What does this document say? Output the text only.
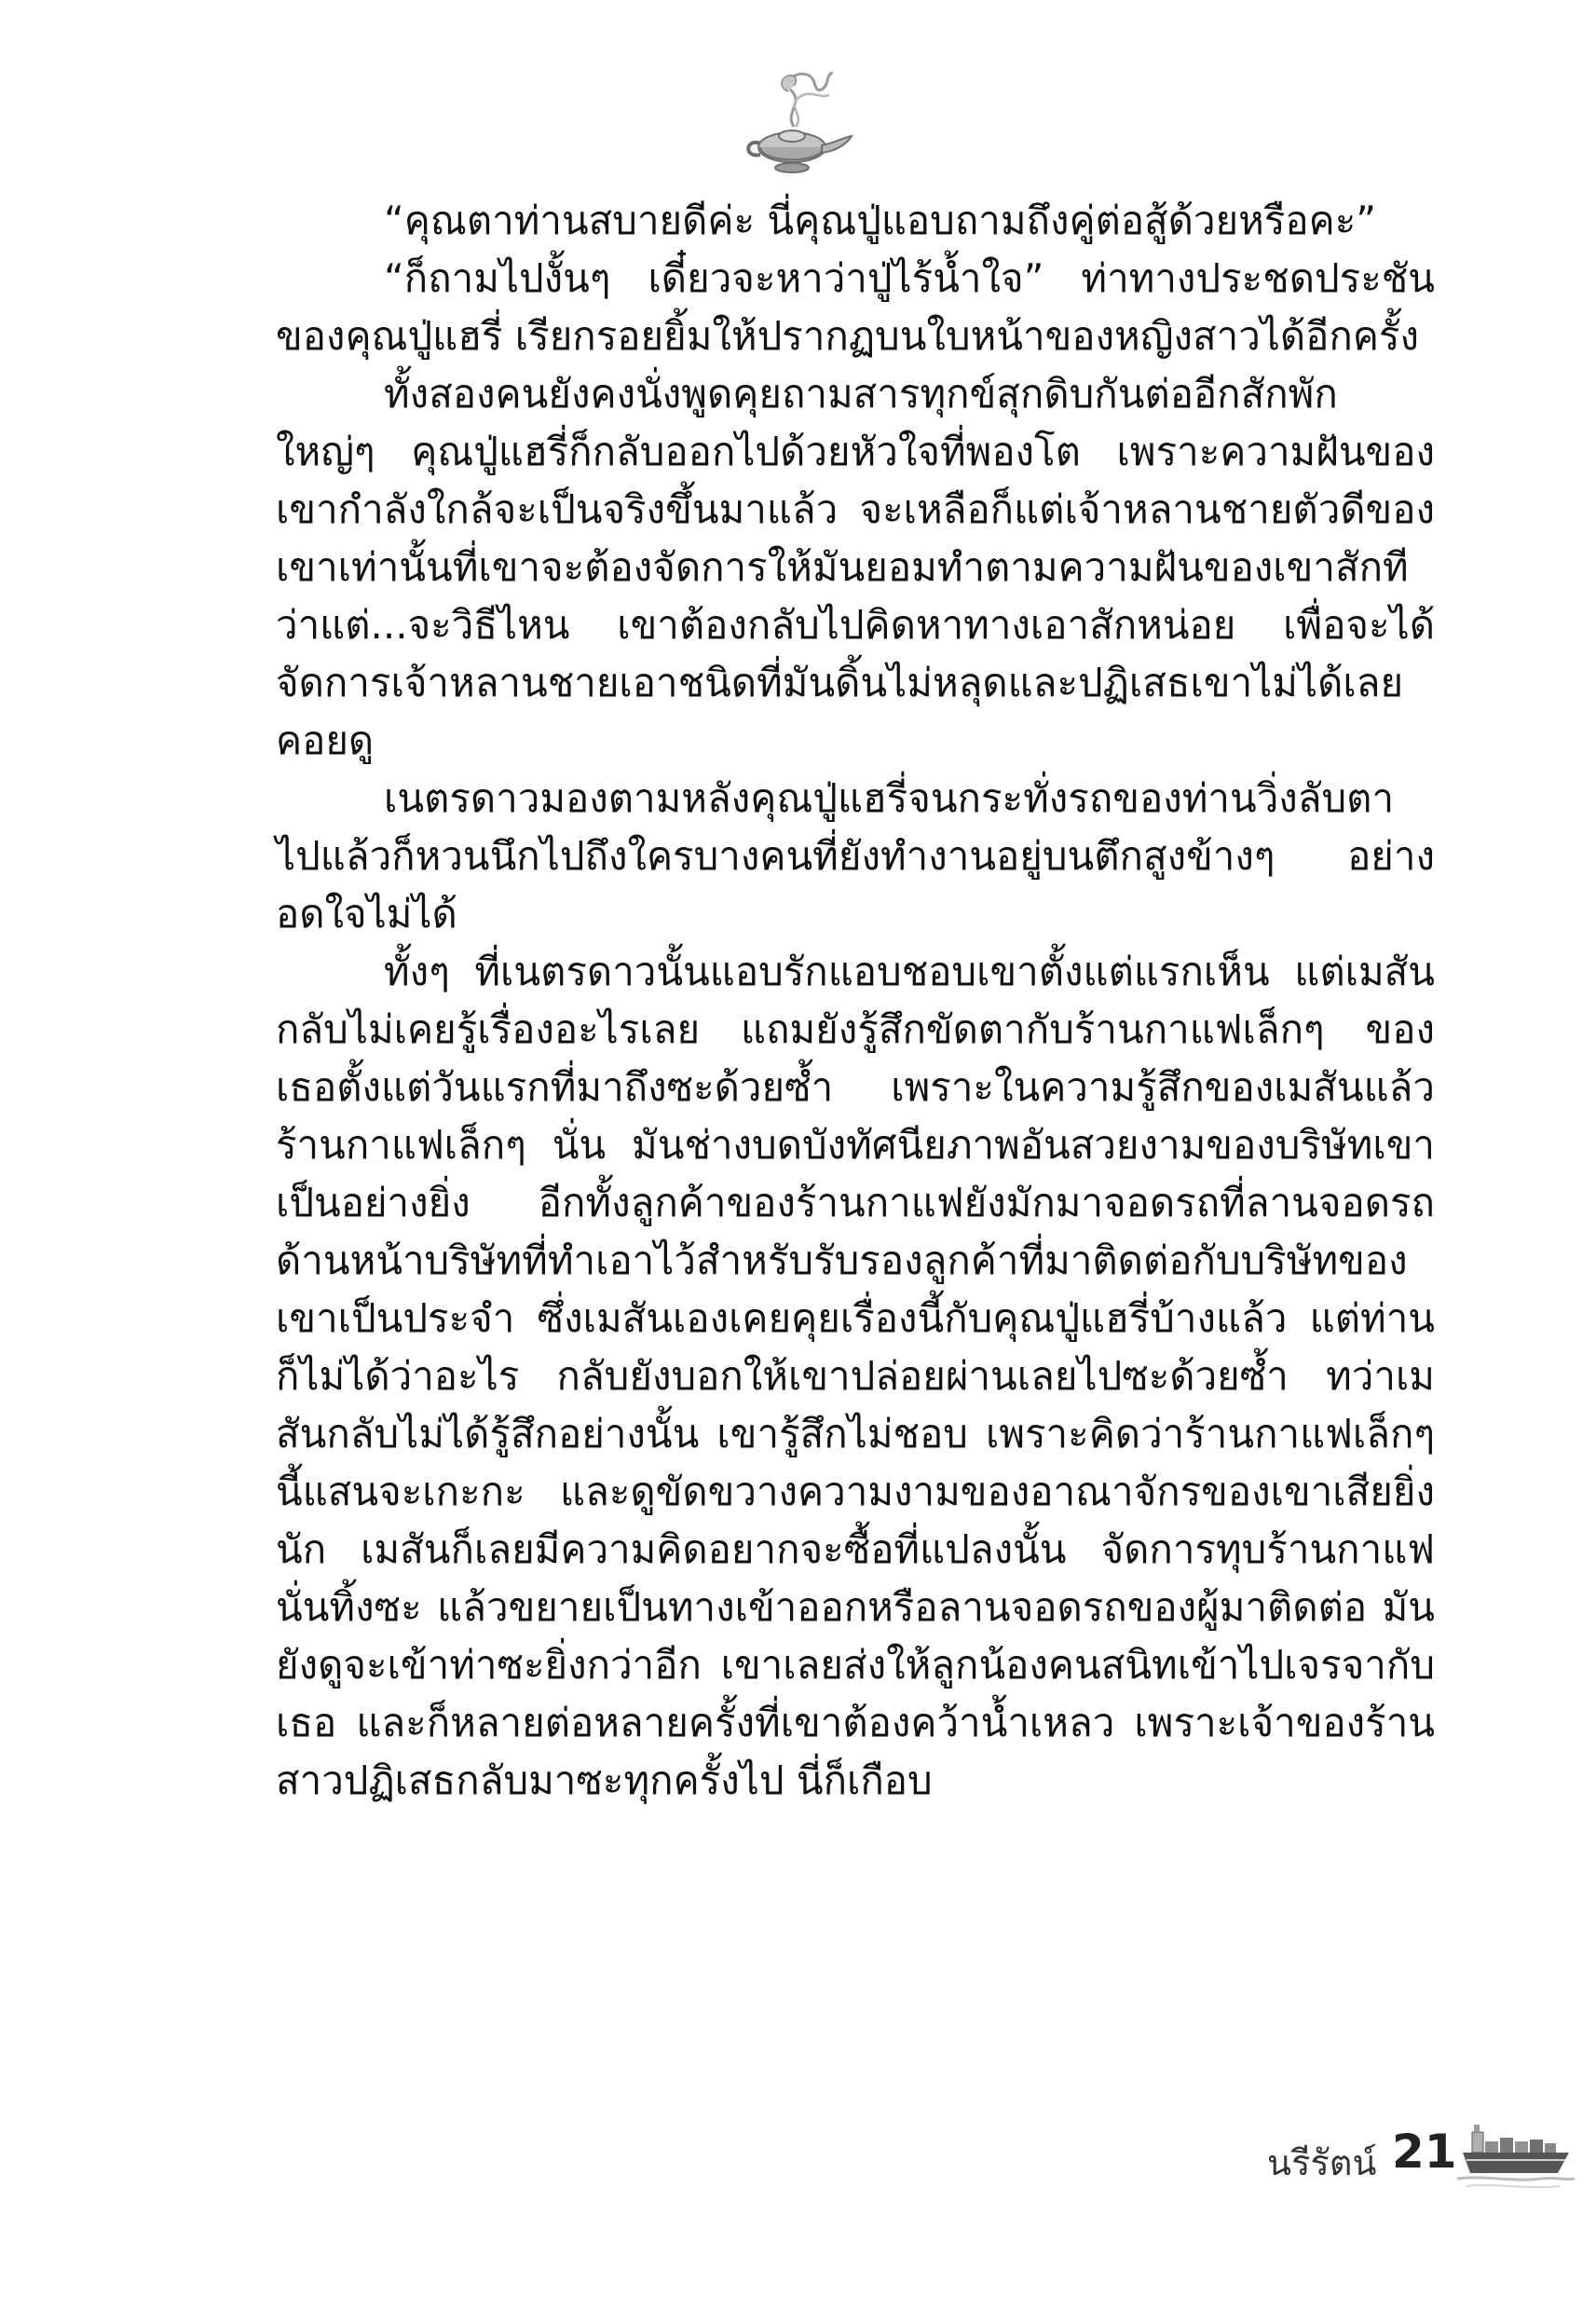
“คุณตาท่านสบายดีค่ะ นี่คุณปู่แอบถามถึงคู่ต่อสู้ด้วยหรือคะ”

“ก็ถามไปงั้นๆ เดี๋ยวจะหาว่าปู่ไร้น้ำใจ” ท่าทางประชดประชันของคุณปู่แฮรี่ เรียกรอยยิ้มให้ปรากฏบนใบหน้าของหญิงสาวได้อีกครั้ง

ทั้งสองคนยังคงนั่งพูดคุยถามสารทุกข์สุกดิบกันต่ออีกสักพักใหญ่ๆ คุณปู่แฮรี่ก็กลับออกไปด้วยหัวใจที่พองโต เพราะความฝันของเขากำลังใกล้จะเป็นจริงขึ้นมาแล้ว จะเหลือก็แต่เจ้าหลานชายตัวดีของเขาเท่านั้นที่เขาจะต้องจัดการให้มันยอมทำตามความฝันของเขาสักที ว่าแต่...จะวิธีไหน เขาต้องกลับไปคิดหาทางเอาสักหน่อย เพื่อจะได้จัดการเจ้าหลานชายเอาชนิดที่มันดิ้นไม่หลุดและปฏิเสธเขาไม่ได้เลยคอยดู

เนตรดาวมองตามหลังคุณปู่แฮรี่จนกระทั่งรถของท่านวิ่งลับตาไปแล้วก็หวนนึกไปถึงใครบางคนที่ยังทำงานอยู่บนตึกสูงข้างๆ อย่างอดใจไม่ได้

ทั้งๆ ที่เนตรดาวนั้นแอบรักแอบชอบเขาตั้งแต่แรกเห็น แต่เมสันกลับไม่เคยรู้เรื่องอะไรเลย แถมยังรู้สึกขัดตากับร้านกาแฟเล็กๆ ของเธอตั้งแต่วันแรกที่มาถึงซะด้วยซ้ำ เพราะในความรู้สึกของเมสันแล้ว ร้านกาแฟเล็กๆ นั่น มันช่างบดบังทัศนียภาพอันสวยงามของบริษัทเขาเป็นอย่างยิ่ง อีกทั้งลูกค้าของร้านกาแฟยังมักมาจอดรถที่ลานจอดรถด้านหน้าบริษัทที่ทำเอาไว้สำหรับรับรองลูกค้าที่มาติดต่อกับบริษัทของเขาเป็นประจำ ซึ่งเมสันเองเคยคุยเรื่องนี้กับคุณปู่แฮรี่บ้างแล้ว แต่ท่านก็ไม่ได้ว่าอะไร กลับยังบอกให้เขาปล่อยผ่านเลยไปซะด้วยซ้ำ ทว่าเมสันกลับไม่ได้รู้สึกอย่างนั้น เขารู้สึกไม่ชอบ เพราะคิดว่าร้านกาแฟเล็กๆ นี้แสนจะเกะกะ และดูขัดขวางความงามของอาณาจักรของเขาเสียยิ่งนัก เมสันก็เลยมีความคิดอยากจะซื้อที่แปลงนั้น จัดการทุบร้านกาแฟนั่นทิ้งซะ แล้วขยายเป็นทางเข้าออกหรือลานจอดรถของผู้มาติดต่อ มันยังดูจะเข้าท่าซะยิ่งกว่าอีก เขาเลยส่งให้ลูกน้องคนสนิทเข้าไปเจรจากับเธอ และก็หลายต่อหลายครั้งที่เขาต้องคว้าน้ำเหลว เพราะเจ้าของร้านสาวปฏิเสธกลับมาซะทุกครั้งไป นี่ก็เกือบ

นรีรัตน์ 21
